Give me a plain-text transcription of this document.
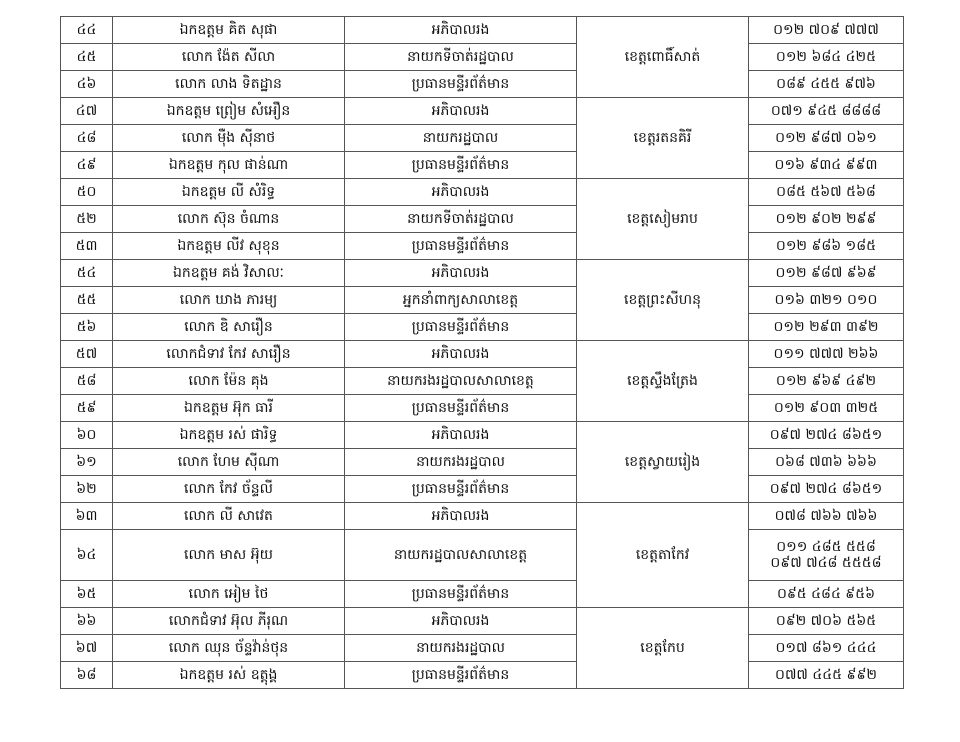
៤៤	ឯកឧត្តម គិត សុផា	អភិបាលរង	ខេត្តពោធិ៍សាត់	០១២ ៧០៩ ៧៧៧

៤៥	លោក ង៉ែត សីលា	នាយកទីចាត់រដ្ឋបាល		០១២ ៦៨៤ ៤២៥

៤៦	លោក លាង ទិតដ្ឋាន	ប្រធានមន្ទីរព័ត៌មាន		០៨៩ ៤៥៥ ៩៧៦

៤៧	ឯកឧត្តម ព្រៀម សំអឿន	អភិបាលរង	ខេត្តរតនគិរី	០៧១ ៩៤៥ ៨៨៨៨

៤៨	លោក ម៉ឺង ស៊ីនាថ	នាយករដ្ឋបាល		០១២ ៩៨៧ ០៦១

៤៩	ឯកឧត្តម កុល ផាន់ណា	ប្រធានមន្ទីរព័ត៌មាន		០១៦ ៩៣៤ ៩៩៣

៥០	ឯកឧត្តម លី សំរិទ្ធ	អភិបាលរង	ខេត្តសៀមរាប	០៨៥ ៥៦៧ ៥៦៨

៥២	លោក ស៊ុន ចំណាន	នាយកទីចាត់រដ្ឋបាល		០១២ ៩០២ ២៩៩

៥៣	ឯកឧត្តម លីវ សុខុន	ប្រធានមន្ទីរព័ត៌មាន		០១២ ៩៨៦ ១៨៥

៥៤	ឯកឧត្តម គង់ វិសាលៈ	អភិបាលរង	ខេត្តព្រះសីហនុ	០១២ ៩៨៧ ៩៦៩

៥៥	លោក ឃាង ភារម្យ	អ្នកនាំពាក្យសាលាខេត្ត		០១៦ ៣២១ ០១០

៥៦	លោក ឌិ សារឿន	ប្រធានមន្ទីរព័ត៌មាន		០១២ ២៩៣ ៣៩២

៥៧	លោកជំទាវ កែវ សារឿន	អភិបាលរង	ខេត្តស្ទឹងត្រែង	០១១ ៧៧៧ ២៦៦

៥៨	លោក ម៉ែន គុង	នាយករងរដ្ឋបាលសាលាខេត្ត		០១២ ៩៦៩ ៤៩២

៥៩	ឯកឧត្តម អ៊ុក ធារី	ប្រធានមន្ទីរព័ត៌មាន		០១២ ៩០៣ ៣២៥

៦០	ឯកឧត្តម រស់ ផារិទ្ធ	អភិបាលរង	ខេត្តស្វាយរៀង	០៩៧ ២៧៤ ៨៦៥១

៦១	លោក ហែម ស៊ីណា	នាយករងរដ្ឋបាល		០៦៨ ៧៣៦ ៦៦៦

៦២	លោក កែវ ច័ន្ទលី	ប្រធានមន្ទីរព័ត៌មាន		០៩៧ ២៧៤ ៨៦៥១

៦៣	លោក លី សាវេត	អភិបាលរង	ខេត្តតាកែវ	០៧៨ ៧៦៦ ៧៦៦

៦៤	លោក មាស អ៊ុយ	នាយករដ្ឋបាលសាលាខេត្ត		០១១ ៤៨៥ ៥៥៨
០៩៧ ៧៤៨ ៥៥៥៨

៦៥	លោក អៀម ថៃ	ប្រធានមន្ទីរព័ត៌មាន		០៩៥ ៤៨៤ ៩៥៦

៦៦	លោកជំទាវ អ៊ុល ភីរុណ	អភិបាលរង	ខេត្តកែប	០៩២ ៧០៦ ៥៦៥

៦៧	លោក ឈុន ច័ន្ទវ៉ាន់ថុន	នាយករងរដ្ឋបាល		០១៧ ៨៦១ ៤៤៤

៦៨	ឯកឧត្តម រស់ ឧត្តុង្គ	ប្រធានមន្ទីរព័ត៌មាន		០៧៧ ៤៤៥ ៩៩២
